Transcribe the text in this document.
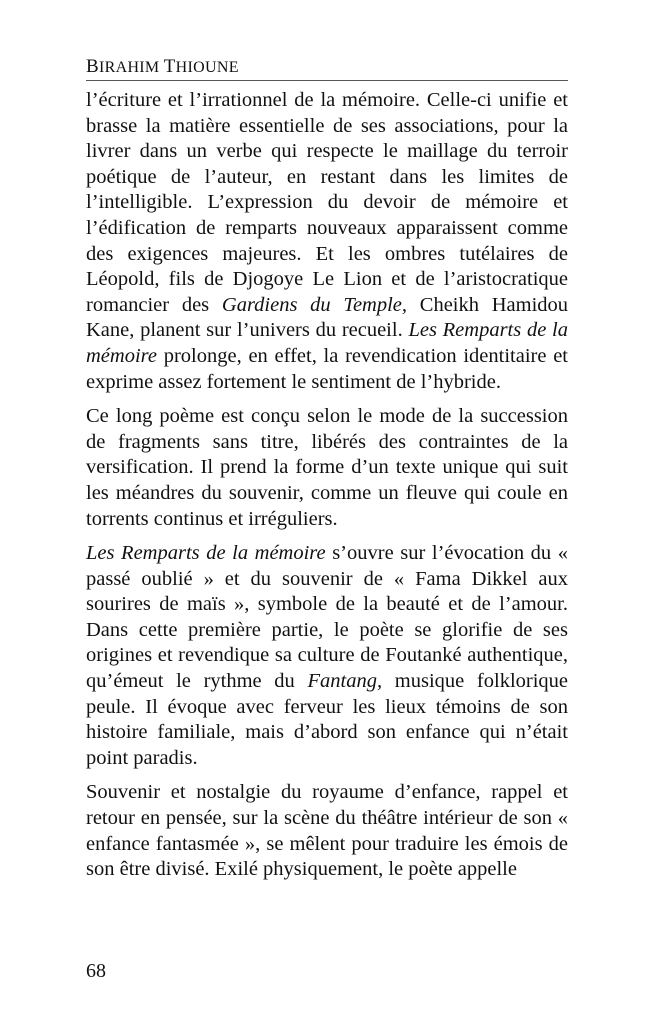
BIRAHIM THIOUNE

l’écriture et l’irrationnel de la mémoire. Celle-ci unifie et brasse la matière essentielle de ses associations, pour la livrer dans un verbe qui respecte le maillage du terroir poétique de l’auteur, en restant dans les limites de l’intelligible. L’expression du devoir de mémoire et l’édification de remparts nouveaux apparaissent comme des exigences majeures. Et les ombres tutélaires de Léopold, fils de Djogoye Le Lion et de l’aristocratique romancier des Gardiens du Temple, Cheikh Hamidou Kane, planent sur l’univers du recueil. Les Remparts de la mémoire prolonge, en effet, la revendication identitaire et exprime assez fortement le sentiment de l’hybride.

Ce long poème est conçu selon le mode de la succession de fragments sans titre, libérés des contraintes de la versification. Il prend la forme d’un texte unique qui suit les méandres du souvenir, comme un fleuve qui coule en torrents continus et irréguliers.

Les Remparts de la mémoire s’ouvre sur l’évocation du « passé oublié » et du souvenir de « Fama Dikkel aux sourires de maïs », symbole de la beauté et de l’amour. Dans cette première partie, le poète se glorifie de ses origines et revendique sa culture de Foutanké authentique, qu’émeut le rythme du Fantang, musique folklorique peule. Il évoque avec ferveur les lieux témoins de son histoire familiale, mais d’abord son enfance qui n’était point paradis.

Souvenir et nostalgie du royaume d’enfance, rappel et retour en pensée, sur la scène du théâtre intérieur de son « enfance fantasmée », se mêlent pour traduire les émois de son être divisé. Exilé physiquement, le poète appelle

68
